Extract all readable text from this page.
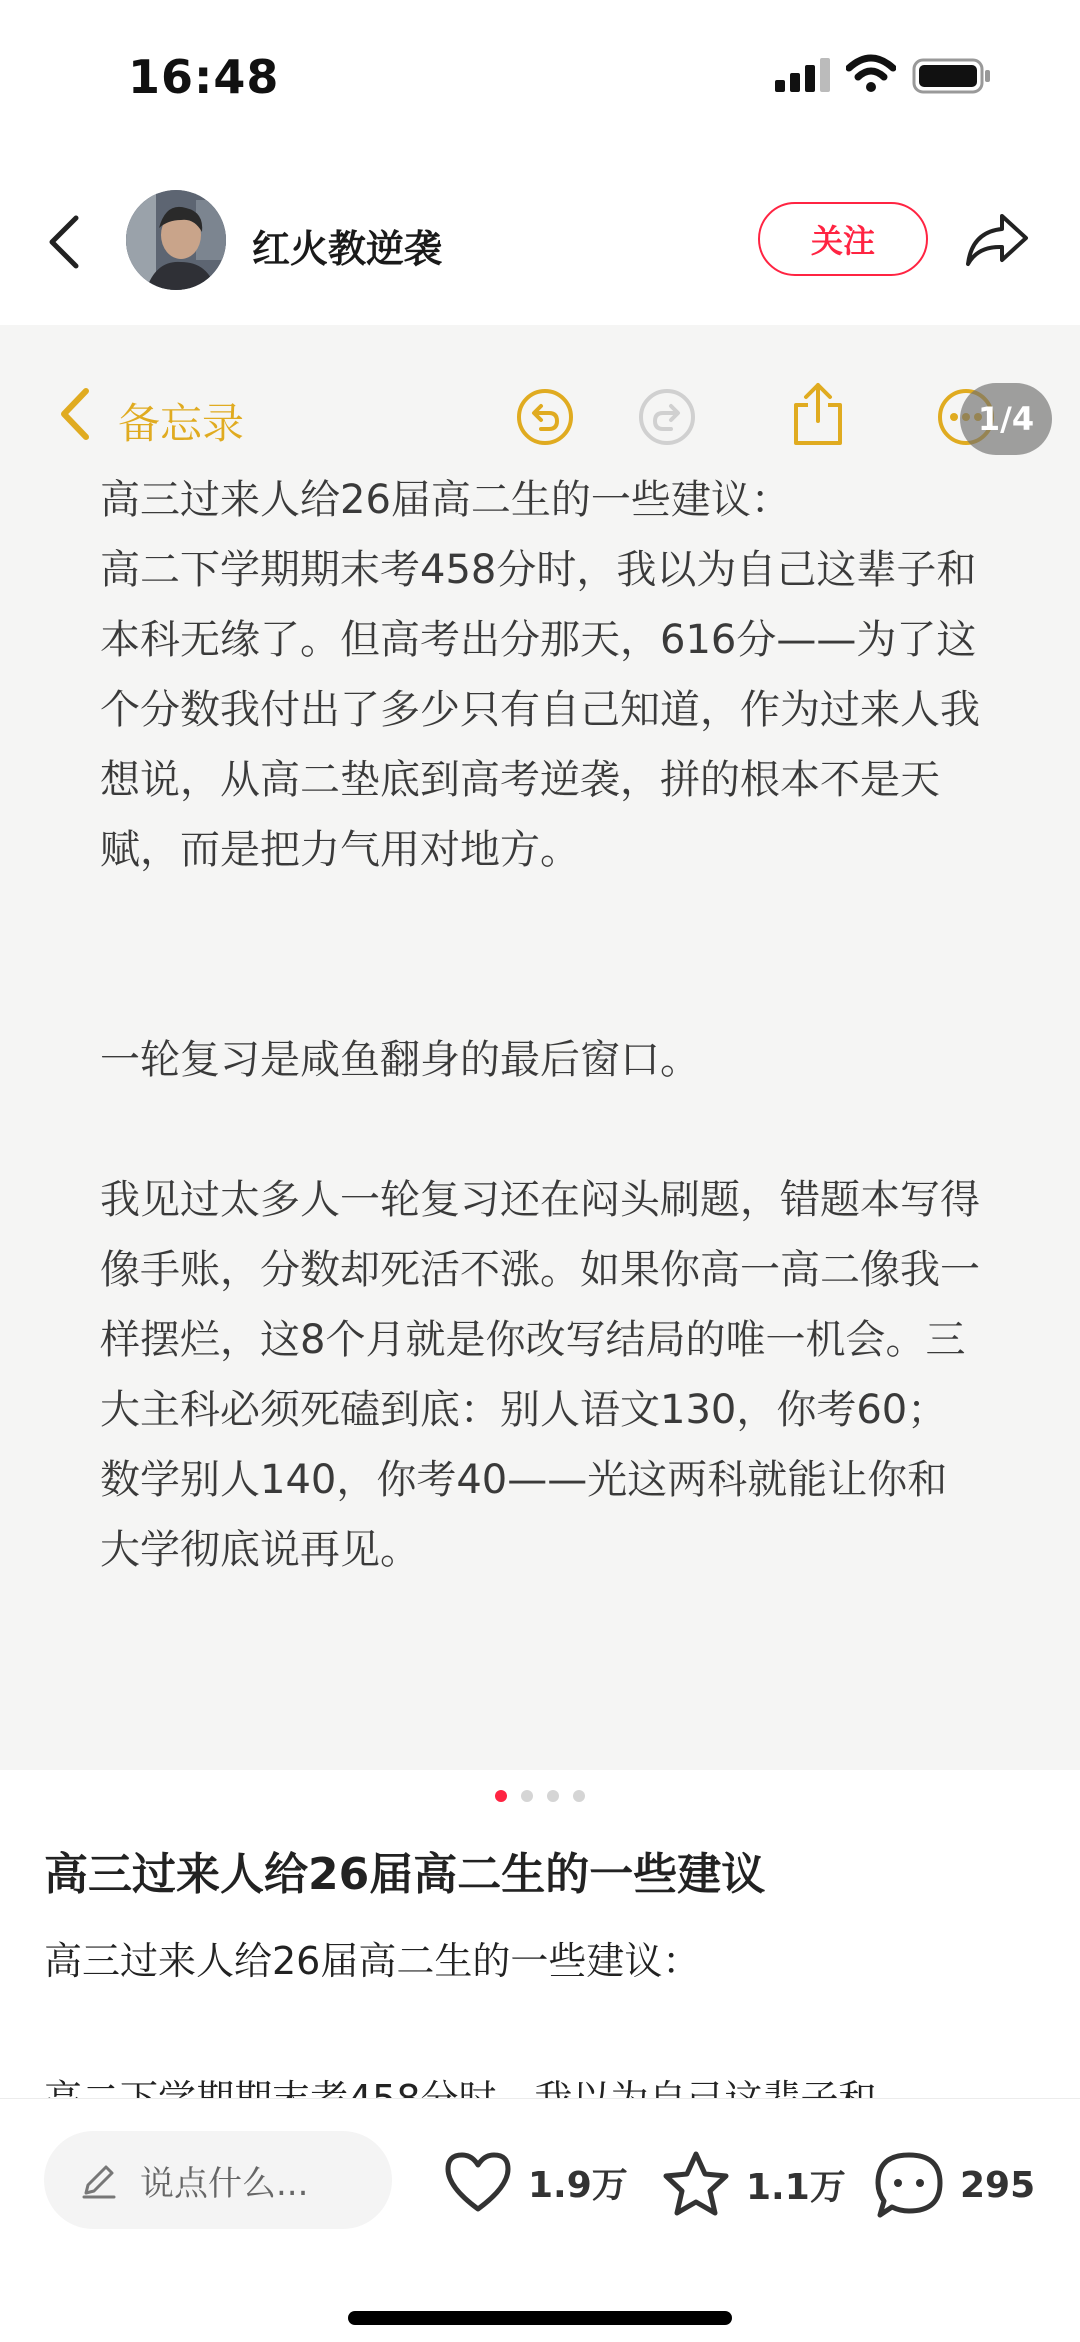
16:48
红火教逆袭	关注
备忘录	1/4

高三过来人给26届高二生的一些建议：

高二下学期期末考458分时，我以为自己这辈子和本科无缘了。但高考出分那天，616分——为了这个分数我付出了多少只有自己知道，作为过来人我想说，从高二垫底到高考逆袭，拼的根本不是天赋，而是把力气用对地方。

一轮复习是咸鱼翻身的最后窗口。

我见过太多人一轮复习还在闷头刷题，错题本写得像手账，分数却死活不涨。如果你高一高二像我一样摆烂，这8个月就是你改写结局的唯一机会。三大主科必须死磕到底：别人语文130，你考60；数学别人140，你考40——光这两科就能让你和大学彻底说再见。

高三过来人给26届高二生的一些建议
高三过来人给26届高二生的一些建议：
说点什么...	1.9万	1.1万	295
